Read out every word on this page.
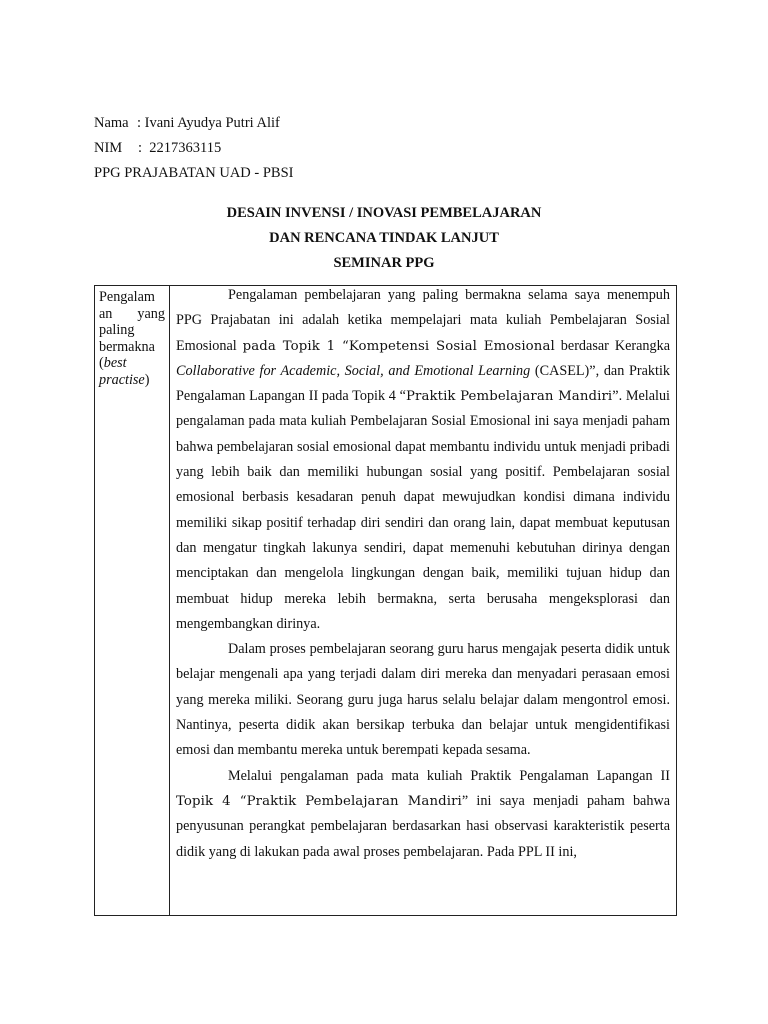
Nama : Ivani Ayudya Putri Alif
NIM :  2217363115
PPG PRAJABATAN UAD - PBSI
DESAIN INVENSI / INOVASI PEMBELAJARAN
DAN RENCANA TINDAK LANJUT
SEMINAR PPG
Pengalam
an yang
paling
bermakna
(best
practise)

Pengalaman pembelajaran yang paling bermakna selama saya menempuh PPG Prajabatan ini adalah ketika mempelajari mata kuliah Pembelajaran Sosial Emosional pada Topik 1 “Kompetensi Sosial Emosional berdasar Kerangka Collaborative for Academic, Social, and Emotional Learning (CASEL)”, dan Praktik Pengalaman Lapangan II pada Topik 4 “Praktik Pembelajaran Mandiri”. Melalui pengalaman pada mata kuliah Pembelajaran Sosial Emosional ini saya menjadi paham bahwa pembelajaran sosial emosional dapat membantu individu untuk menjadi pribadi yang lebih baik dan memiliki hubungan sosial yang positif. Pembelajaran sosial emosional berbasis kesadaran penuh dapat mewujudkan kondisi dimana individu memiliki sikap positif terhadap diri sendiri dan orang lain, dapat membuat keputusan dan mengatur tingkah lakunya sendiri, dapat memenuhi kebutuhan dirinya dengan menciptakan dan mengelola lingkungan dengan baik, memiliki tujuan hidup dan membuat hidup mereka lebih bermakna, serta berusaha mengeksplorasi dan mengembangkan dirinya.

Dalam proses pembelajaran seorang guru harus mengajak peserta didik untuk belajar mengenali apa yang terjadi dalam diri mereka dan menyadari perasaan emosi yang mereka miliki. Seorang guru juga harus selalu belajar dalam mengontrol emosi. Nantinya, peserta didik akan bersikap terbuka dan belajar untuk mengidentifikasi emosi dan membantu mereka untuk berempati kepada sesama.

Melalui pengalaman pada mata kuliah Praktik Pengalaman Lapangan II Topik 4 “Praktik Pembelajaran Mandiri” ini saya menjadi paham bahwa penyusunan perangkat pembelajaran berdasarkan hasi observasi karakteristik peserta didik yang di lakukan pada awal proses pembelajaran. Pada PPL II ini,
